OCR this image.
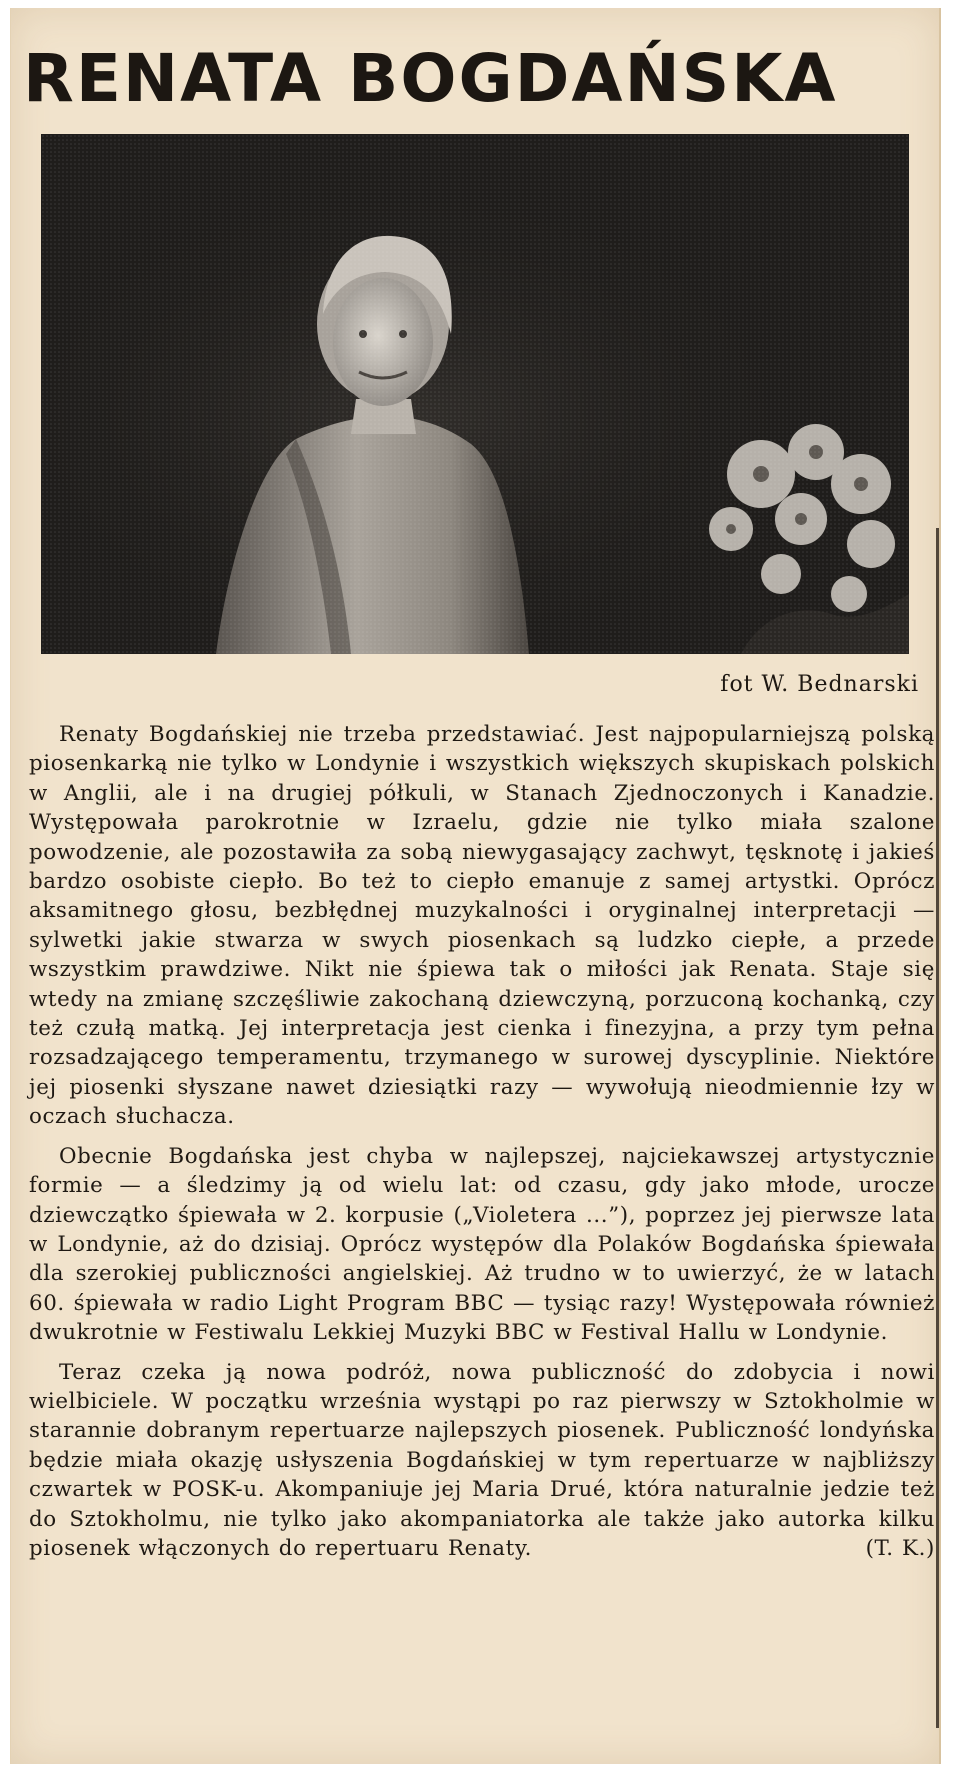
RENATA BOGDAŃSKA

fot W. Bednarski

Renaty Bogdańskiej nie trzeba przedstawiać. Jest najpopularniejszą polską piosenkarką nie tylko w Londynie i wszystkich większych skupiskach polskich w Anglii, ale i na drugiej półkuli, w Stanach Zjednoczonych i Kanadzie. Występowała parokrotnie w Izraelu, gdzie nie tylko miała szalone powodzenie, ale pozostawiła za sobą niewygasający zachwyt, tęsknotę i jakieś bardzo osobiste ciepło. Bo też to ciepło emanuje z samej artystki. Oprócz aksamitnego głosu, bezbłędnej muzykalności i oryginalnej interpretacji — sylwetki jakie stwarza w swych piosenkach są ludzko ciepłe, a przede wszystkim prawdziwe. Nikt nie śpiewa tak o miłości jak Renata. Staje się wtedy na zmianę szczęśliwie zakochaną dziewczyną, porzuconą kochanką, czy też czułą matką. Jej interpretacja jest cienka i finezyjna, a przy tym pełna rozsadzającego temperamentu, trzymanego w surowej dyscyplinie. Niektóre jej piosenki słyszane nawet dziesiątki razy — wywołują nieodmiennie łzy w oczach słuchacza.

Obecnie Bogdańska jest chyba w najlepszej, najciekawszej artystycznie formie — a śledzimy ją od wielu lat: od czasu, gdy jako młode, urocze dziewczątko śpiewała w 2. korpusie („Violetera ...”), poprzez jej pierwsze lata w Londynie, aż do dzisiaj. Oprócz występów dla Polaków Bogdańska śpiewała dla szerokiej publiczności angielskiej. Aż trudno w to uwierzyć, że w latach 60. śpiewała w radio Light Program BBC — tysiąc razy! Występowała również dwukrotnie w Festiwalu Lekkiej Muzyki BBC w Festival Hallu w Londynie.

Teraz czeka ją nowa podróż, nowa publiczność do zdobycia i nowi wielbiciele. W początku września wystąpi po raz pierwszy w Sztokholmie w starannie dobranym repertuarze najlepszych piosenek. Publiczność londyńska będzie miała okazję usłyszenia Bogdańskiej w tym repertuarze w najbliższy czwartek w POSK-u. Akompaniuje jej Maria Drué, która naturalnie jedzie też do Sztokholmu, nie tylko jako akompaniatorka ale także jako autorka kilku piosenek włączonych do repertuaru Renaty.	(T. K.)
